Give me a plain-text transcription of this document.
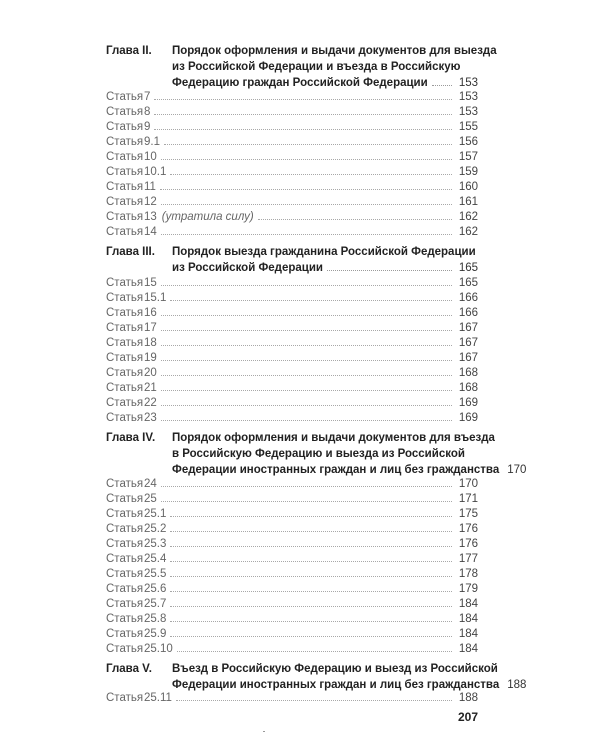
Глава II. Порядок оформления и выдачи документов для выезда
из Российской Федерации и въезда в Российскую
Федерацию граждан Российской Федерации	153
Статья 7	153
Статья 8	153
Статья 9	155
Статья 9.1	156
Статья 10	157
Статья 10.1	159
Статья 11	160
Статья 12	161
Статья 13 (утратила силу)	162
Статья 14	162
Глава III. Порядок выезда гражданина Российской Федерации
из Российской Федерации	165
Статья 15	165
Статья 15.1	166
Статья 16	166
Статья 17	167
Статья 18	167
Статья 19	167
Статья 20	168
Статья 21	168
Статья 22	169
Статья 23	169
Глава IV. Порядок оформления и выдачи документов для въезда
в Российскую Федерацию и выезда из Российской
Федерации иностранных граждан и лиц без гражданства 170
Статья 24	170
Статья 25	171
Статья 25.1	175
Статья 25.2	176
Статья 25.3	176
Статья 25.4	177
Статья 25.5	178
Статья 25.6	179
Статья 25.7	184
Статья 25.8	184
Статья 25.9	184
Статья 25.10	184
Глава V. Въезд в Российскую Федерацию и выезд из Российской
Федерации иностранных граждан и лиц без гражданства 188
Статья 25.11	188
207
